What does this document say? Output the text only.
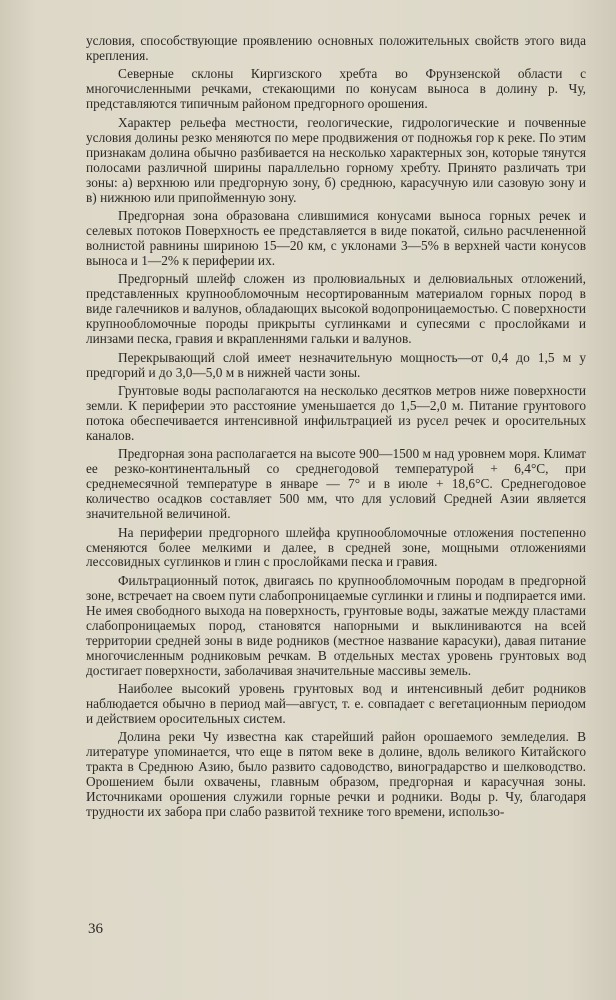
условия, способствующие проявлению основных положительных свойств этого вида крепления.

Северные склоны Киргизского хребта во Фрунзенской области с многочисленными речками, стекающими по конусам выноса в долину р. Чу, представляются типичным районом предгорного орошения.

Характер рельефа местности, геологические, гидрологические и почвенные условия долины резко меняются по мере продвижения от подножья гор к реке. По этим признакам долина обычно разбивается на несколько характерных зон, которые тянутся полосами различной ширины параллельно горному хребту. Принято различать три зоны: а) верхнюю или предгорную зону, б) среднюю, карасучную или сазовую зону и в) нижнюю или припойменную зону.

Предгорная зона образована слившимися конусами выноса горных речек и селевых потоков Поверхность ее представляется в виде покатой, сильно расчлененной волнистой равнины шириною 15—20 км, с уклонами 3—5% в верхней части конусов выноса и 1—2% к периферии их.

Предгорный шлейф сложен из пролювиальных и делювиальных отложений, представленных крупнообломочным несортированным материалом горных пород в виде галечников и валунов, обладающих высокой водопроницаемостью. С поверхности крупнообломочные породы прикрыты суглинками и супесями с прослойками и линзами песка, гравия и вкрапленнями гальки и валунов.

Перекрывающий слой имеет незначительную мощность—от 0,4 до 1,5 м у предгорий и до 3,0—5,0 м в нижней части зоны.

Грунтовые воды располагаются на несколько десятков метров ниже поверхности земли. К периферии это расстояние уменьшается до 1,5—2,0 м. Питание грунтового потока обеспечивается интенсивной инфильтрацией из русел речек и оросительных каналов.

Предгорная зона располагается на высоте 900—1500 м над уровнем моря. Климат ее резко-континентальный со среднегодовой температурой + 6,4°С, при среднемесячной температуре в январе — 7° и в июле + 18,6°С. Среднегодовое количество осадков составляет 500 мм, что для условий Средней Азии является значительной величиной.

На периферии предгорного шлейфа крупнообломочные отложения постепенно сменяются более мелкими и далее, в средней зоне, мощными отложениями лессовидных суглинков и глин с прослойками песка и гравия.

Фильтрационный поток, двигаясь по крупнообломочным породам в предгорной зоне, встречает на своем пути слабопроницаемые суглинки и глины и подпирается ими. Не имея свободного выхода на поверхность, грунтовые воды, зажатые между пластами слабопроницаемых пород, становятся напорными и выклиниваются на всей территории средней зоны в виде родников (местное название карасуки), давая питание многочисленным родниковым речкам. В отдельных местах уровень грунтовых вод достигает поверхности, заболачивая значительные массивы земель.

Наиболее высокий уровень грунтовых вод и интенсивный дебит родников наблюдается обычно в период май—август, т. е. совпадает с вегетационным периодом и действием оросительных систем.

Долина реки Чу известна как старейший район орошаемого земледелия. В литературе упоминается, что еще в пятом веке в долине, вдоль великого Китайского тракта в Среднюю Азию, было развито садоводство, виноградарство и шелководство. Орошением были охвачены, главным образом, предгорная и карасучная зоны. Источниками орошения служили горные речки и родники. Воды р. Чу, благодаря трудности их забора при слабо развитой технике того времени, использо-

36
